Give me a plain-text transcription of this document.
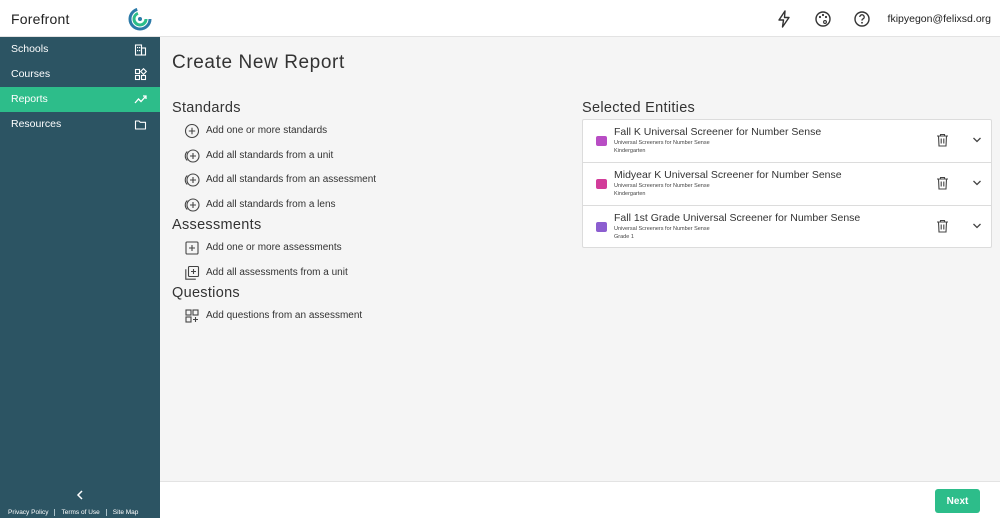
Forefront	fkipyegon@felixsd.org
Schools
Courses
Reports
Resources
Privacy Policy Terms of Use Site Map
Create New Report
Standards
Add one or more standards
Add all standards from a unit
Add all standards from an assessment
Add all standards from a lens
Assessments
Add one or more assessments
Add all assessments from a unit
Questions
Add questions from an assessment
Selected Entities
Fall K Universal Screener for Number Sense
Universal Screeners for Number Sense
Kindergarten
Midyear K Universal Screener for Number Sense
Universal Screeners for Number Sense
Kindergarten
Fall 1st Grade Universal Screener for Number Sense
Universal Screeners for Number Sense
Grade 1
Next
